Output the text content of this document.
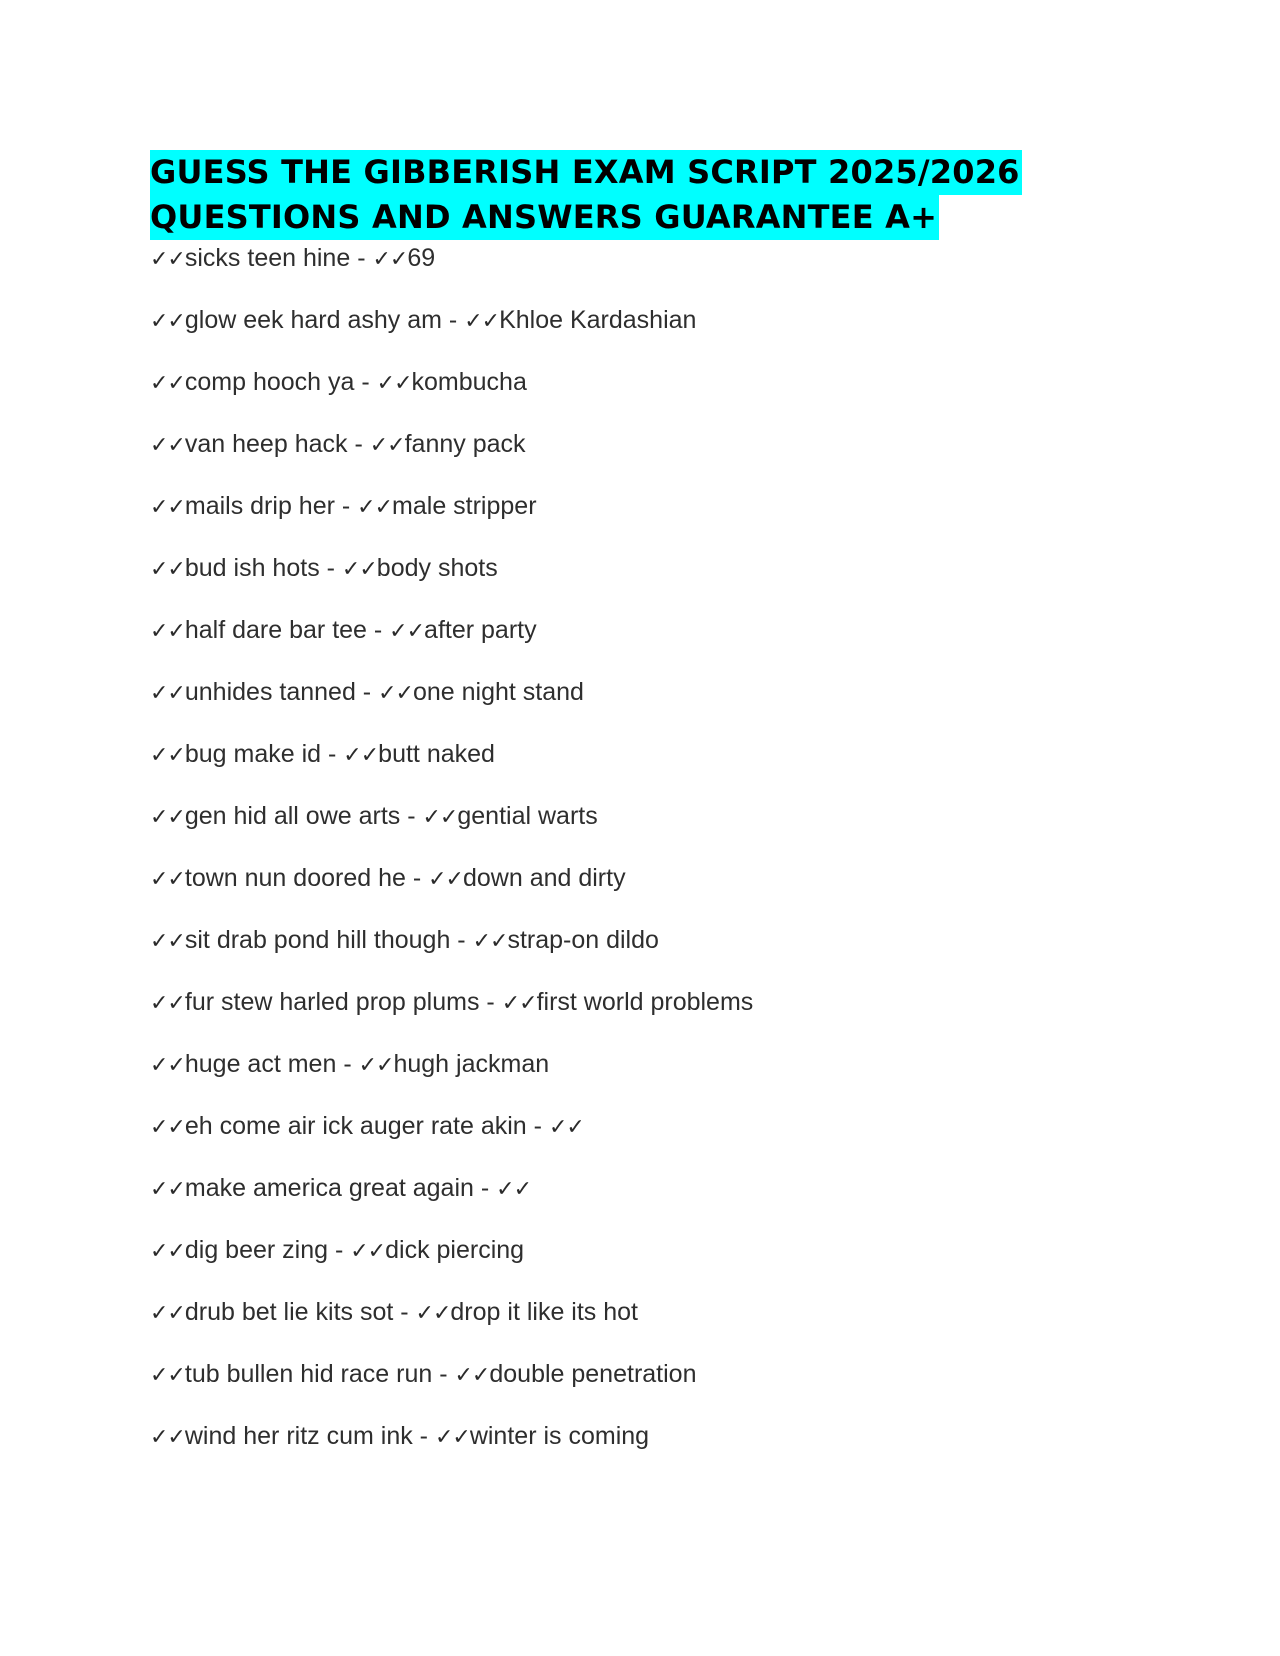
GUESS THE GIBBERISH EXAM SCRIPT 2025/2026
QUESTIONS AND ANSWERS GUARANTEE A+
✓✓sicks teen hine - ✓✓69
✓✓glow eek hard ashy am - ✓✓Khloe Kardashian
✓✓comp hooch ya - ✓✓kombucha
✓✓van heep hack - ✓✓fanny pack
✓✓mails drip her - ✓✓male stripper
✓✓bud ish hots - ✓✓body shots
✓✓half dare bar tee - ✓✓after party
✓✓unhides tanned - ✓✓one night stand
✓✓bug make id - ✓✓butt naked
✓✓gen hid all owe arts - ✓✓gential warts
✓✓town nun doored he - ✓✓down and dirty
✓✓sit drab pond hill though - ✓✓strap-on dildo
✓✓fur stew harled prop plums - ✓✓first world problems
✓✓huge act men - ✓✓hugh jackman
✓✓eh come air ick auger rate akin - ✓✓
✓✓make america great again - ✓✓
✓✓dig beer zing - ✓✓dick piercing
✓✓drub bet lie kits sot - ✓✓drop it like its hot
✓✓tub bullen hid race run - ✓✓double penetration
✓✓wind her ritz cum ink - ✓✓winter is coming
